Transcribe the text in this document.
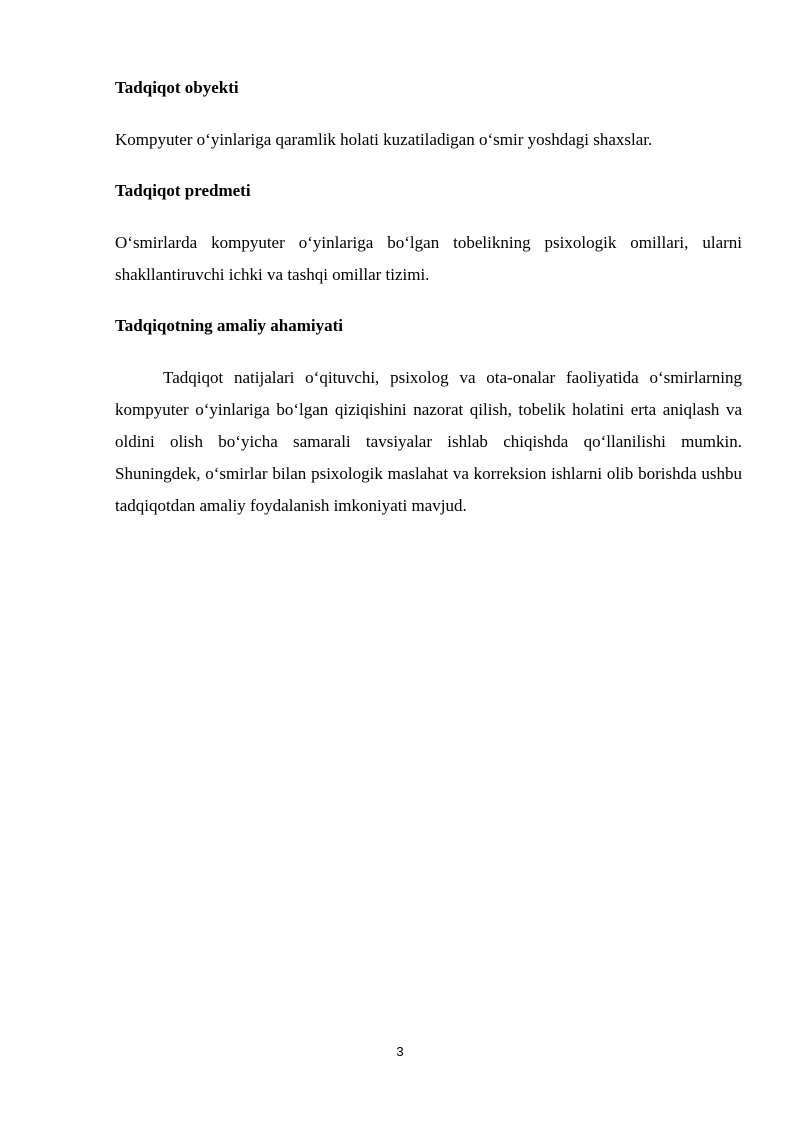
Tadqiqot obyekti

Kompyuter o‘yinlariga qaramlik holati kuzatiladigan o‘smir yoshdagi shaxslar.

Tadqiqot predmeti

O‘smirlarda kompyuter o‘yinlariga bo‘lgan tobelikning psixologik omillari, ularni shakllantiruvchi ichki va tashqi omillar tizimi.

Tadqiqotning amaliy ahamiyati

Tadqiqot natijalari o‘qituvchi, psixolog va ota-onalar faoliyatida o‘smirlarning kompyuter o‘yinlariga bo‘lgan qiziqishini nazorat qilish, tobelik holatini erta aniqlash va oldini olish bo‘yicha samarali tavsiyalar ishlab chiqishda qo‘llanilishi mumkin. Shuningdek, o‘smirlar bilan psixologik maslahat va korreksion ishlarni olib borishda ushbu tadqiqotdan amaliy foydalanish imkoniyati mavjud.

3
